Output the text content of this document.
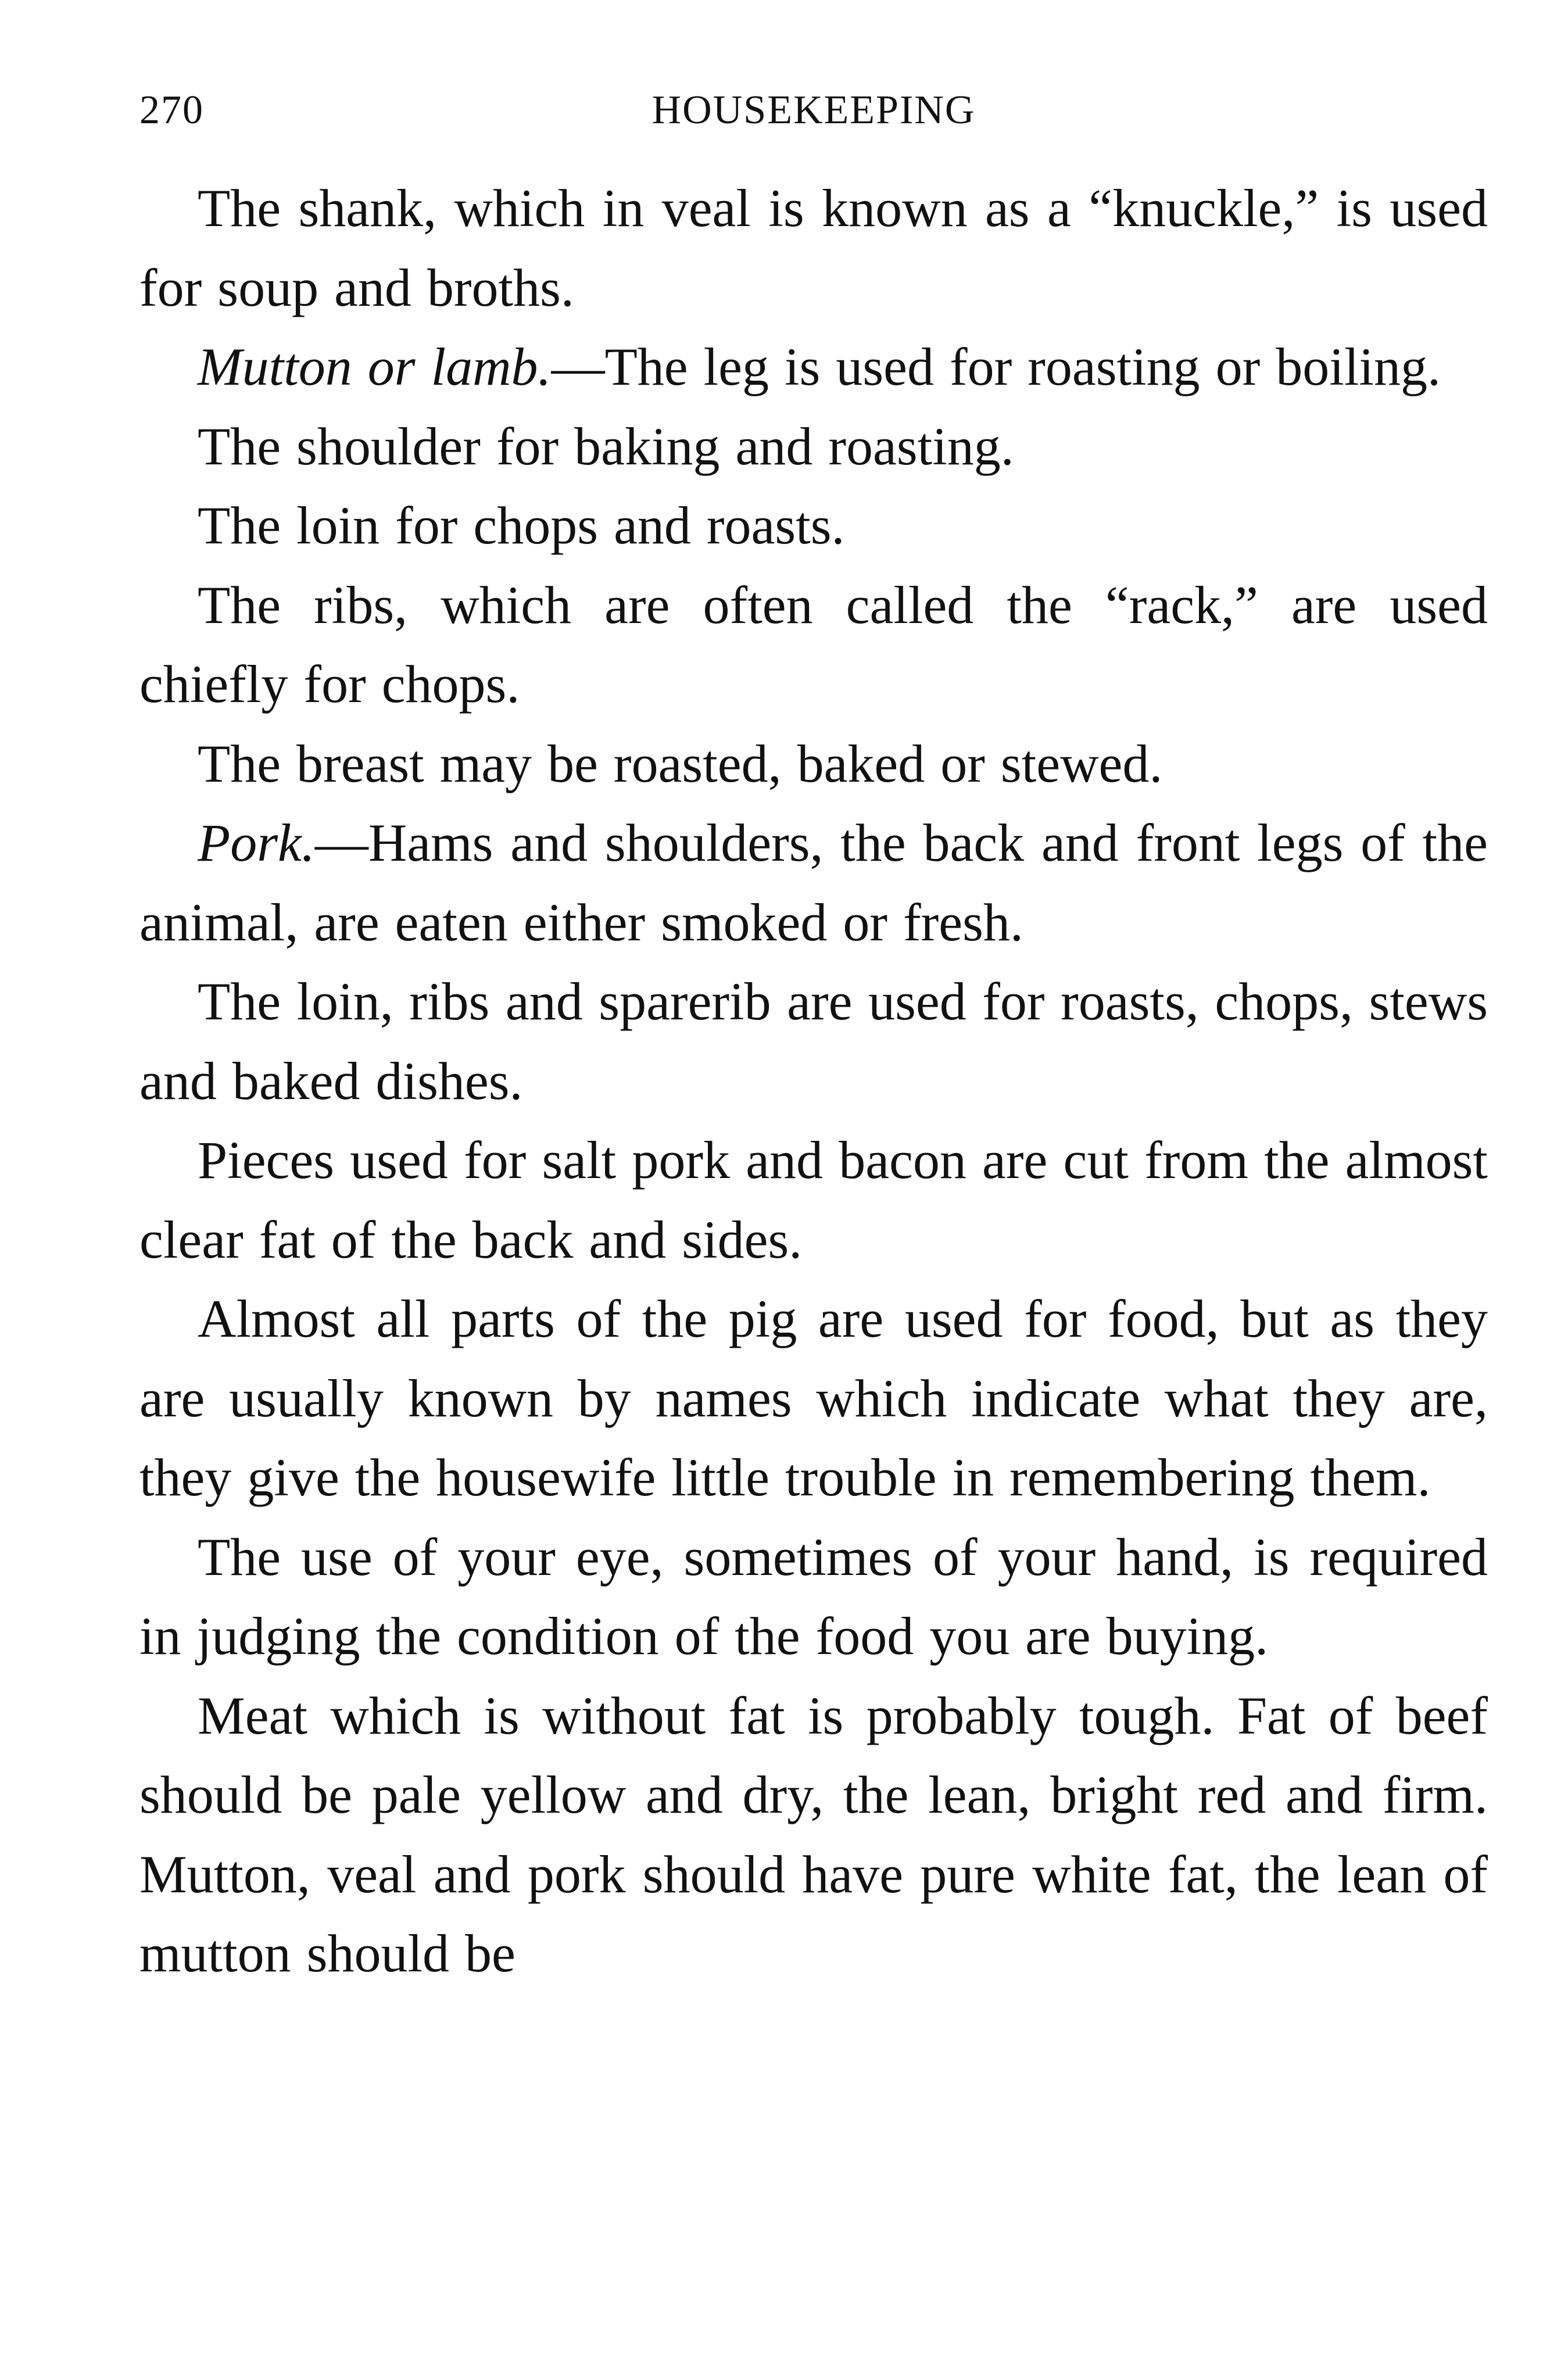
270	HOUSEKEEPING

The shank, which in veal is known as a “knuckle,” is used for soup and broths.

Mutton or lamb.—The leg is used for roasting or boiling.

The shoulder for baking and roasting.

The loin for chops and roasts.

The ribs, which are often called the “rack,” are used chiefly for chops.

The breast may be roasted, baked or stewed.

Pork.—Hams and shoulders, the back and front legs of the animal, are eaten either smoked or fresh.

The loin, ribs and sparerib are used for roasts, chops, stews and baked dishes.

Pieces used for salt pork and bacon are cut from the almost clear fat of the back and sides.

Almost all parts of the pig are used for food, but as they are usually known by names which indicate what they are, they give the housewife little trouble in remembering them.

The use of your eye, sometimes of your hand, is required in judging the condition of the food you are buying.

Meat which is without fat is probably tough. Fat of beef should be pale yellow and dry, the lean, bright red and firm. Mutton, veal and pork should have pure white fat, the lean of mutton should be
